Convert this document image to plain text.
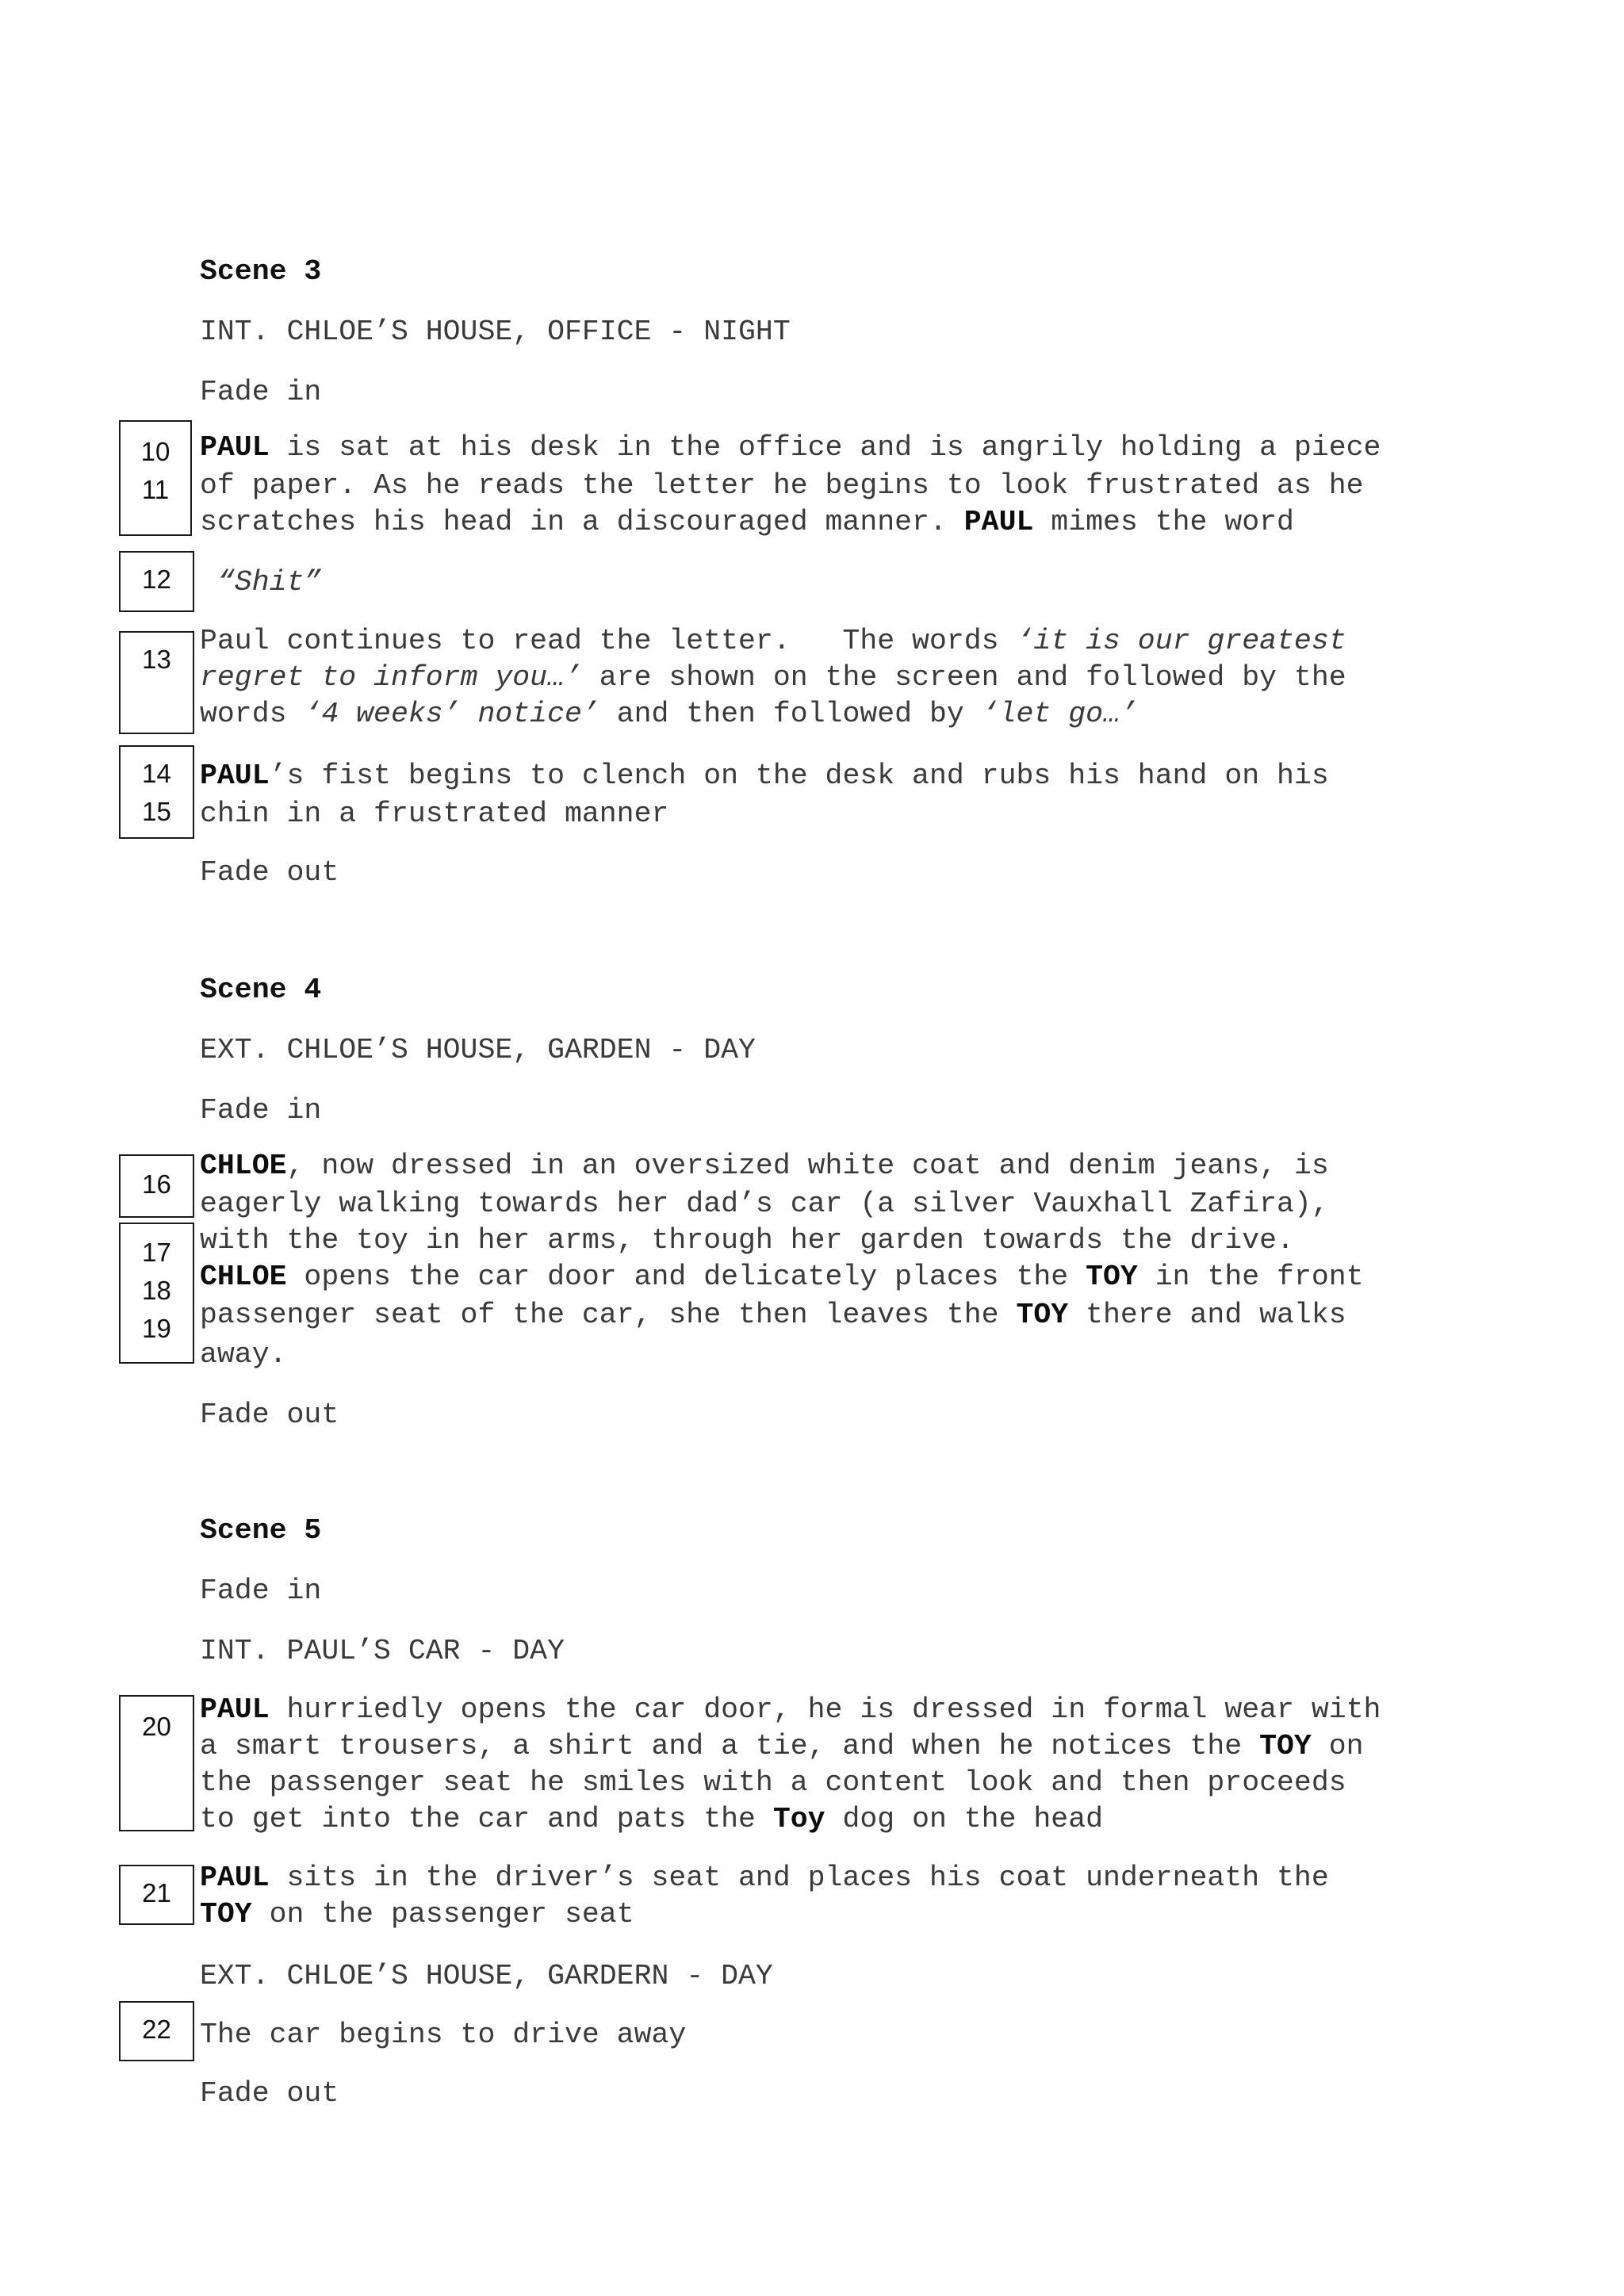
Scene 3
INT. CHLOE’S HOUSE, OFFICE - NIGHT
Fade in
10
11
PAUL is sat at his desk in the office and is angrily holding a piece
of paper. As he reads the letter he begins to look frustrated as he
scratches his head in a discouraged manner. PAUL mimes the word
12 “Shit”
13
Paul continues to read the letter.   The words ‘it is our greatest
regret to inform you…’ are shown on the screen and followed by the
words ‘4 weeks’ notice’ and then followed by ‘let go…’
14
15
PAUL’s fist begins to clench on the desk and rubs his hand on his
chin in a frustrated manner
Fade out
Scene 4
EXT. CHLOE’S HOUSE, GARDEN - DAY
Fade in
16
17
18
19
CHLOE, now dressed in an oversized white coat and denim jeans, is
eagerly walking towards her dad’s car (a silver Vauxhall Zafira),
with the toy in her arms, through her garden towards the drive.
CHLOE opens the car door and delicately places the TOY in the front
passenger seat of the car, she then leaves the TOY there and walks
away.
Fade out
Scene 5
Fade in
INT. PAUL’S CAR - DAY
20
PAUL hurriedly opens the car door, he is dressed in formal wear with
a smart trousers, a shirt and a tie, and when he notices the TOY on
the passenger seat he smiles with a content look and then proceeds
to get into the car and pats the Toy dog on the head
21 PAUL sits in the driver’s seat and places his coat underneath the
TOY on the passenger seat
EXT. CHLOE’S HOUSE, GARDERN - DAY
22 The car begins to drive away
Fade out
